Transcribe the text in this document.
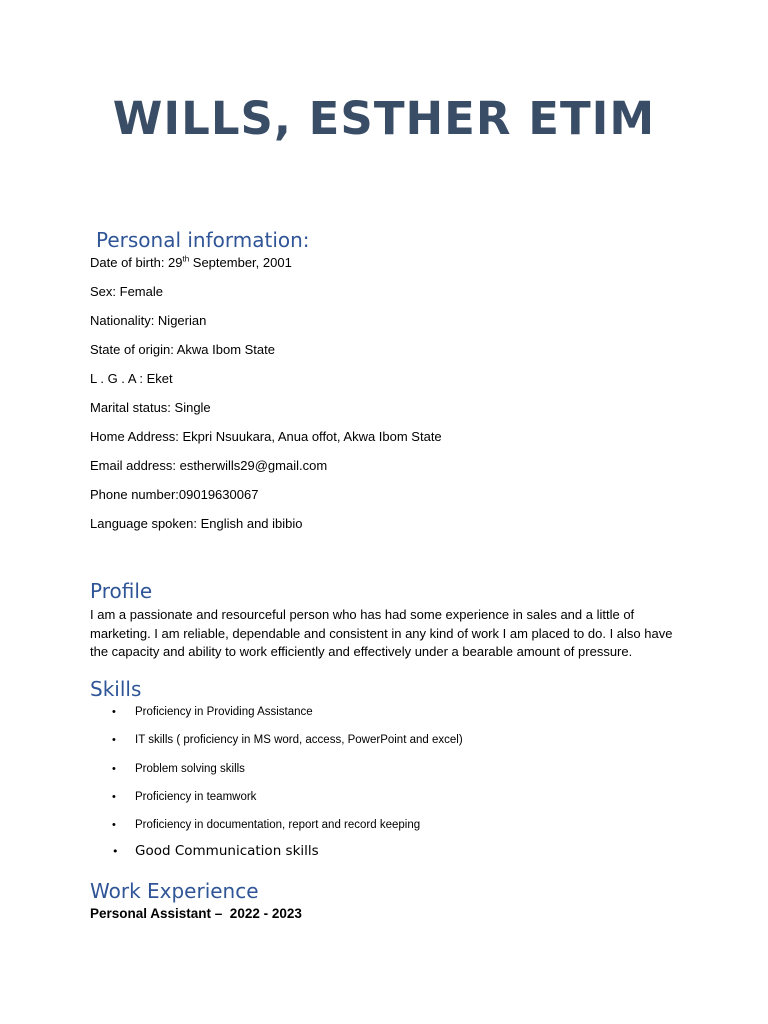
WILLS, ESTHER ETIM
Personal information:

Date of birth: 29th September, 2001

Sex: Female

Nationality: Nigerian

State of origin: Akwa Ibom State

L . G . A : Eket

Marital status: Single

Home Address: Ekpri Nsuukara, Anua offot, Akwa Ibom State

Email address: estherwills29@gmail.com

Phone number:09019630067

Language spoken: English and ibibio

Profile

I am a passionate and resourceful person who has had some experience in sales and a little of marketing. I am reliable, dependable and consistent in any kind of work I am placed to do. I also have the capacity and ability to work efficiently and effectively under a bearable amount of pressure.

Skills
• Proficiency in Providing Assistance
• IT skills ( proficiency in MS word, access, PowerPoint and excel)
• Problem solving skills
• Proficiency in teamwork
• Proficiency in documentation, report and record keeping
• Good Communication skills
Work Experience

Personal Assistant –  2022 - 2023
